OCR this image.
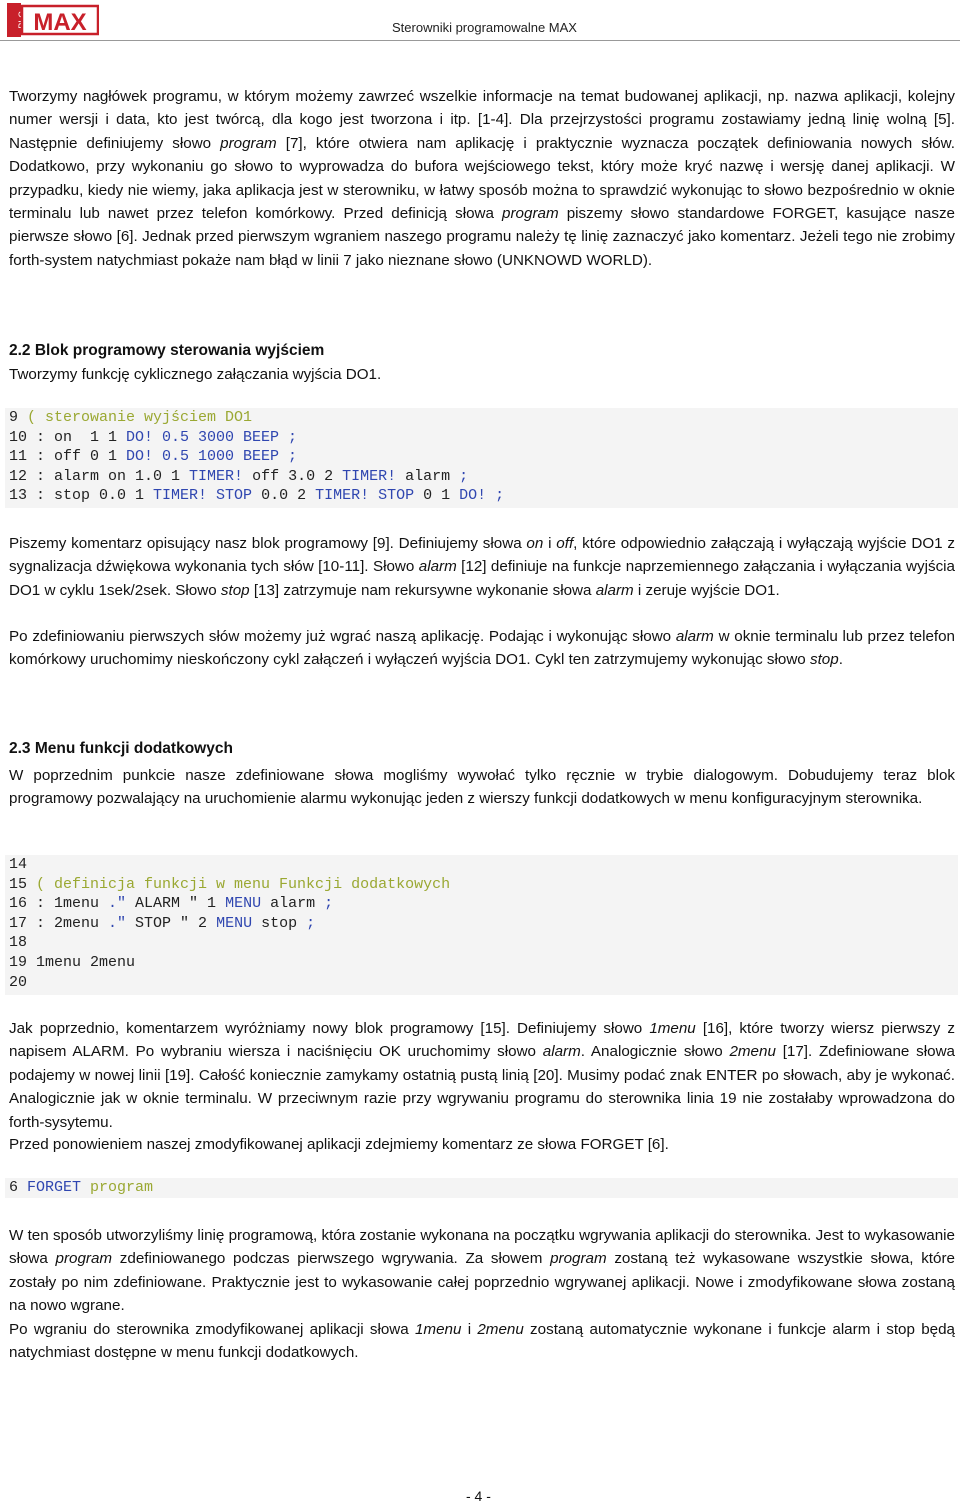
PLC MAX	Sterowniki programowalne MAX

Tworzymy nagłówek programu, w którym możemy zawrzeć wszelkie informacje na temat budowanej aplikacji, np. nazwa aplikacji, kolejny numer wersji i data, kto jest twórcą, dla kogo jest tworzona i itp. [1-4]. Dla przejrzystości programu zostawiamy jedną linię wolną [5]. Następnie definiujemy słowo program [7], które otwiera nam aplikację i praktycznie wyznacza początek definiowania nowych słów. Dodatkowo, przy wykonaniu go słowo to wyprowadza do bufora wejściowego tekst, który może kryć nazwę i wersję danej aplikacji. W przypadku, kiedy nie wiemy, jaka aplikacja jest w sterowniku, w łatwy sposób można to sprawdzić wykonując to słowo bezpośrednio w oknie terminalu lub nawet przez telefon komórkowy. Przed definicją słowa program piszemy słowo standardowe FORGET, kasujące nasze pierwsze słowo [6]. Jednak przed pierwszym wgraniem naszego programu należy tę linię zaznaczyć jako komentarz. Jeżeli tego nie zrobimy forth-system natychmiast pokaże nam błąd w linii 7 jako nieznane słowo (UNKNOWD WORLD).

2.2 Blok programowy sterowania wyjściem
Tworzymy funkcję cyklicznego załączania wyjścia DO1.
9 ( sterowanie wyjściem DO1
10 : on  1 1 DO! 0.5 3000 BEEP ;
11 : off 0 1 DO! 0.5 1000 BEEP ;
12 : alarm on 1.0 1 TIMER! off 3.0 2 TIMER! alarm ;
13 : stop 0.0 1 TIMER! STOP 0.0 2 TIMER! STOP 0 1 DO! ;

Piszemy komentarz opisujący nasz blok programowy [9]. Definiujemy słowa on i off, które odpowiednio załączają i wyłączają wyjście DO1 z sygnalizacja dźwiękowa wykonania tych słów [10-11]. Słowo alarm [12] definiuje na funkcje naprzemiennego załączania i wyłączania wyjścia DO1 w cyklu 1sek/2sek. Słowo stop [13] zatrzymuje nam rekursywne wykonanie słowa alarm i zeruje wyjście DO1.

Po zdefiniowaniu pierwszych słów możemy już wgrać naszą aplikację. Podając i wykonując słowo alarm w oknie terminalu lub przez telefon komórkowy uruchomimy nieskończony cykl załączeń i wyłączeń wyjścia DO1. Cykl ten zatrzymujemy wykonując słowo stop.

2.3 Menu funkcji dodatkowych

W poprzednim punkcie nasze zdefiniowane słowa mogliśmy wywołać tylko ręcznie w trybie dialogowym. Dobudujemy teraz blok programowy pozwalający na uruchomienie alarmu wykonując jeden z wierszy funkcji dodatkowych w menu konfiguracyjnym sterownika.

14
15 ( definicja funkcji w menu Funkcji dodatkowych
16 : 1menu ." ALARM " 1 MENU alarm ;
17 : 2menu ." STOP " 2 MENU stop ;
18
19 1menu 2menu
20

Jak poprzednio, komentarzem wyróżniamy nowy blok programowy [15]. Definiujemy słowo 1menu [16], które tworzy wiersz pierwszy z napisem ALARM. Po wybraniu wiersza i naciśnięciu OK uruchomimy słowo alarm. Analogicznie słowo 2menu [17]. Zdefiniowane słowa podajemy w nowej linii [19]. Całość koniecznie zamykamy ostatnią pustą linią [20]. Musimy podać znak ENTER po słowach, aby je wykonać. Analogicznie jak w oknie terminalu. W przeciwnym razie przy wgrywaniu programu do sterownika linia 19 nie zostałaby wprowadzona do forth-sysytemu.

Przed ponowieniem naszej zmodyfikowanej aplikacji zdejmiemy komentarz ze słowa FORGET [6].

6 FORGET program

W ten sposób utworzyliśmy linię programową, która zostanie wykonana na początku wgrywania aplikacji do sterownika. Jest to wykasowanie słowa program zdefiniowanego podczas pierwszego wgrywania. Za słowem program zostaną też wykasowane wszystkie słowa, które zostały po nim zdefiniowane. Praktycznie jest to wykasowanie całej poprzednio wgrywanej aplikacji. Nowe i zmodyfikowane słowa zostaną na nowo wgrane.

Po wgraniu do sterownika zmodyfikowanej aplikacji słowa 1menu i 2menu zostaną automatycznie wykonane i funkcje alarm i stop będą natychmiast dostępne w menu funkcji dodatkowych.

- 4 -
